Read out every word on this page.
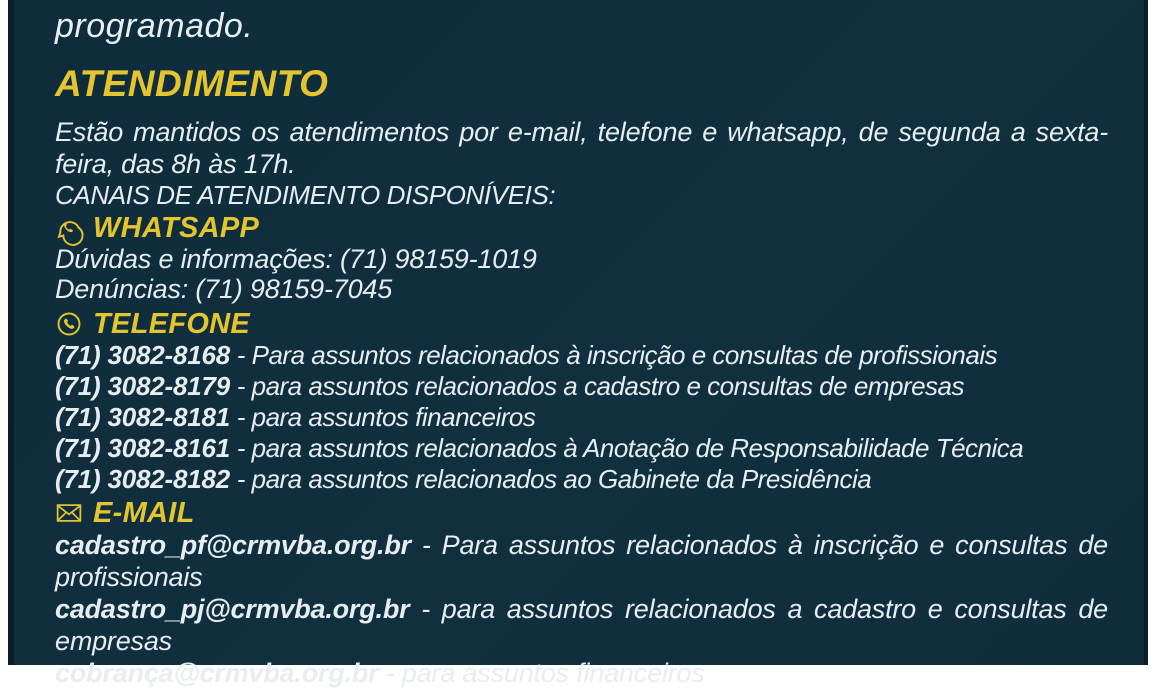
programado.
ATENDIMENTO
Estão mantidos os atendimentos por e-mail, telefone e whatsapp, de segunda a sexta-feira, das 8h às 17h.
CANAIS DE ATENDIMENTO DISPONÍVEIS:
WHATSAPP
Dúvidas e informações: (71) 98159-1019
Denúncias: (71) 98159-7045
TELEFONE
(71) 3082-8168 - Para assuntos relacionados à inscrição e consultas de profissionais
(71) 3082-8179 - para assuntos relacionados a cadastro e consultas de empresas
(71) 3082-8181 - para assuntos financeiros
(71) 3082-8161 - para assuntos relacionados à Anotação de Responsabilidade Técnica
(71) 3082-8182 - para assuntos relacionados ao Gabinete da Presidência
E-MAIL
cadastro_pf@crmvba.org.br - Para assuntos relacionados à inscrição e consultas de profissionais
cadastro_pj@crmvba.org.br - para assuntos relacionados a cadastro e consultas de empresas
cobrança@crmvba.org.br - para assuntos financeiros
